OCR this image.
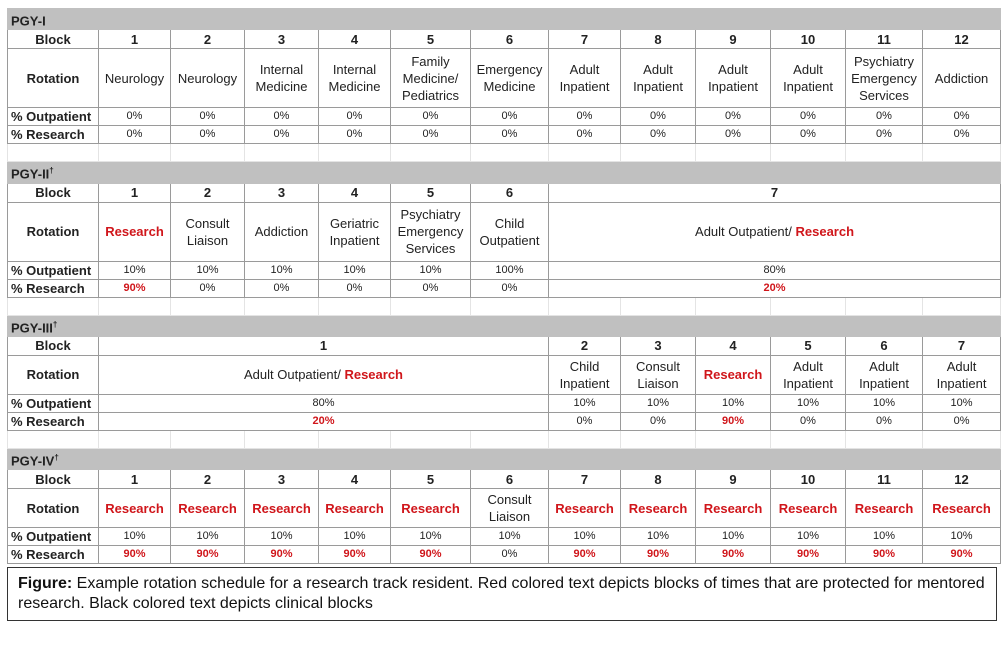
PGY-I												
Block	1	2	3	4	5	6	7	8	9	10	11	12
Rotation	Neurology	Neurology	Internal Medicine	Internal Medicine	Family Medicine/ Pediatrics	Emergency Medicine	Adult Inpatient	Adult Inpatient	Adult Inpatient	Adult Inpatient	Psychiatry Emergency Services	Addiction
% Outpatient	0%	0%	0%	0%	0%	0%	0%	0%	0%	0%	0%	0%
% Research	0%	0%	0%	0%	0%	0%	0%	0%	0%	0%	0%	0%

PGY-II†
Block	1	2	3	4	5	6	7					
Rotation	Research	Consult Liaison	Addiction	Geriatric Inpatient	Psychiatry Emergency Services	Child Outpatient	Adult Outpatient/ Research					
% Outpatient	10%	10%	10%	10%	10%	100%	80%					
% Research	90%	0%	0%	0%	0%	0%	20%					

PGY-III†
Block	1						2	3	4	5	6	7
Rotation	Adult Outpatient/ Research						Child Inpatient	Consult Liaison	Research	Adult Inpatient	Adult Inpatient	Adult Inpatient
% Outpatient	80%						10%	10%	10%	10%	10%	10%
% Research	20%						0%	0%	90%	0%	0%	0%

PGY-IV†
Block	1	2	3	4	5	6	7	8	9	10	11	12
Rotation	Research	Research	Research	Research	Research	Consult Liaison	Research	Research	Research	Research	Research	Research
% Outpatient	10%	10%	10%	10%	10%	10%	10%	10%	10%	10%	10%	10%
% Research	90%	90%	90%	90%	90%	0%	90%	90%	90%	90%	90%	90%
Figure: Example rotation schedule for a research track resident. Red colored text depicts blocks of times that are protected for mentored research. Black colored text depicts clinical blocks
